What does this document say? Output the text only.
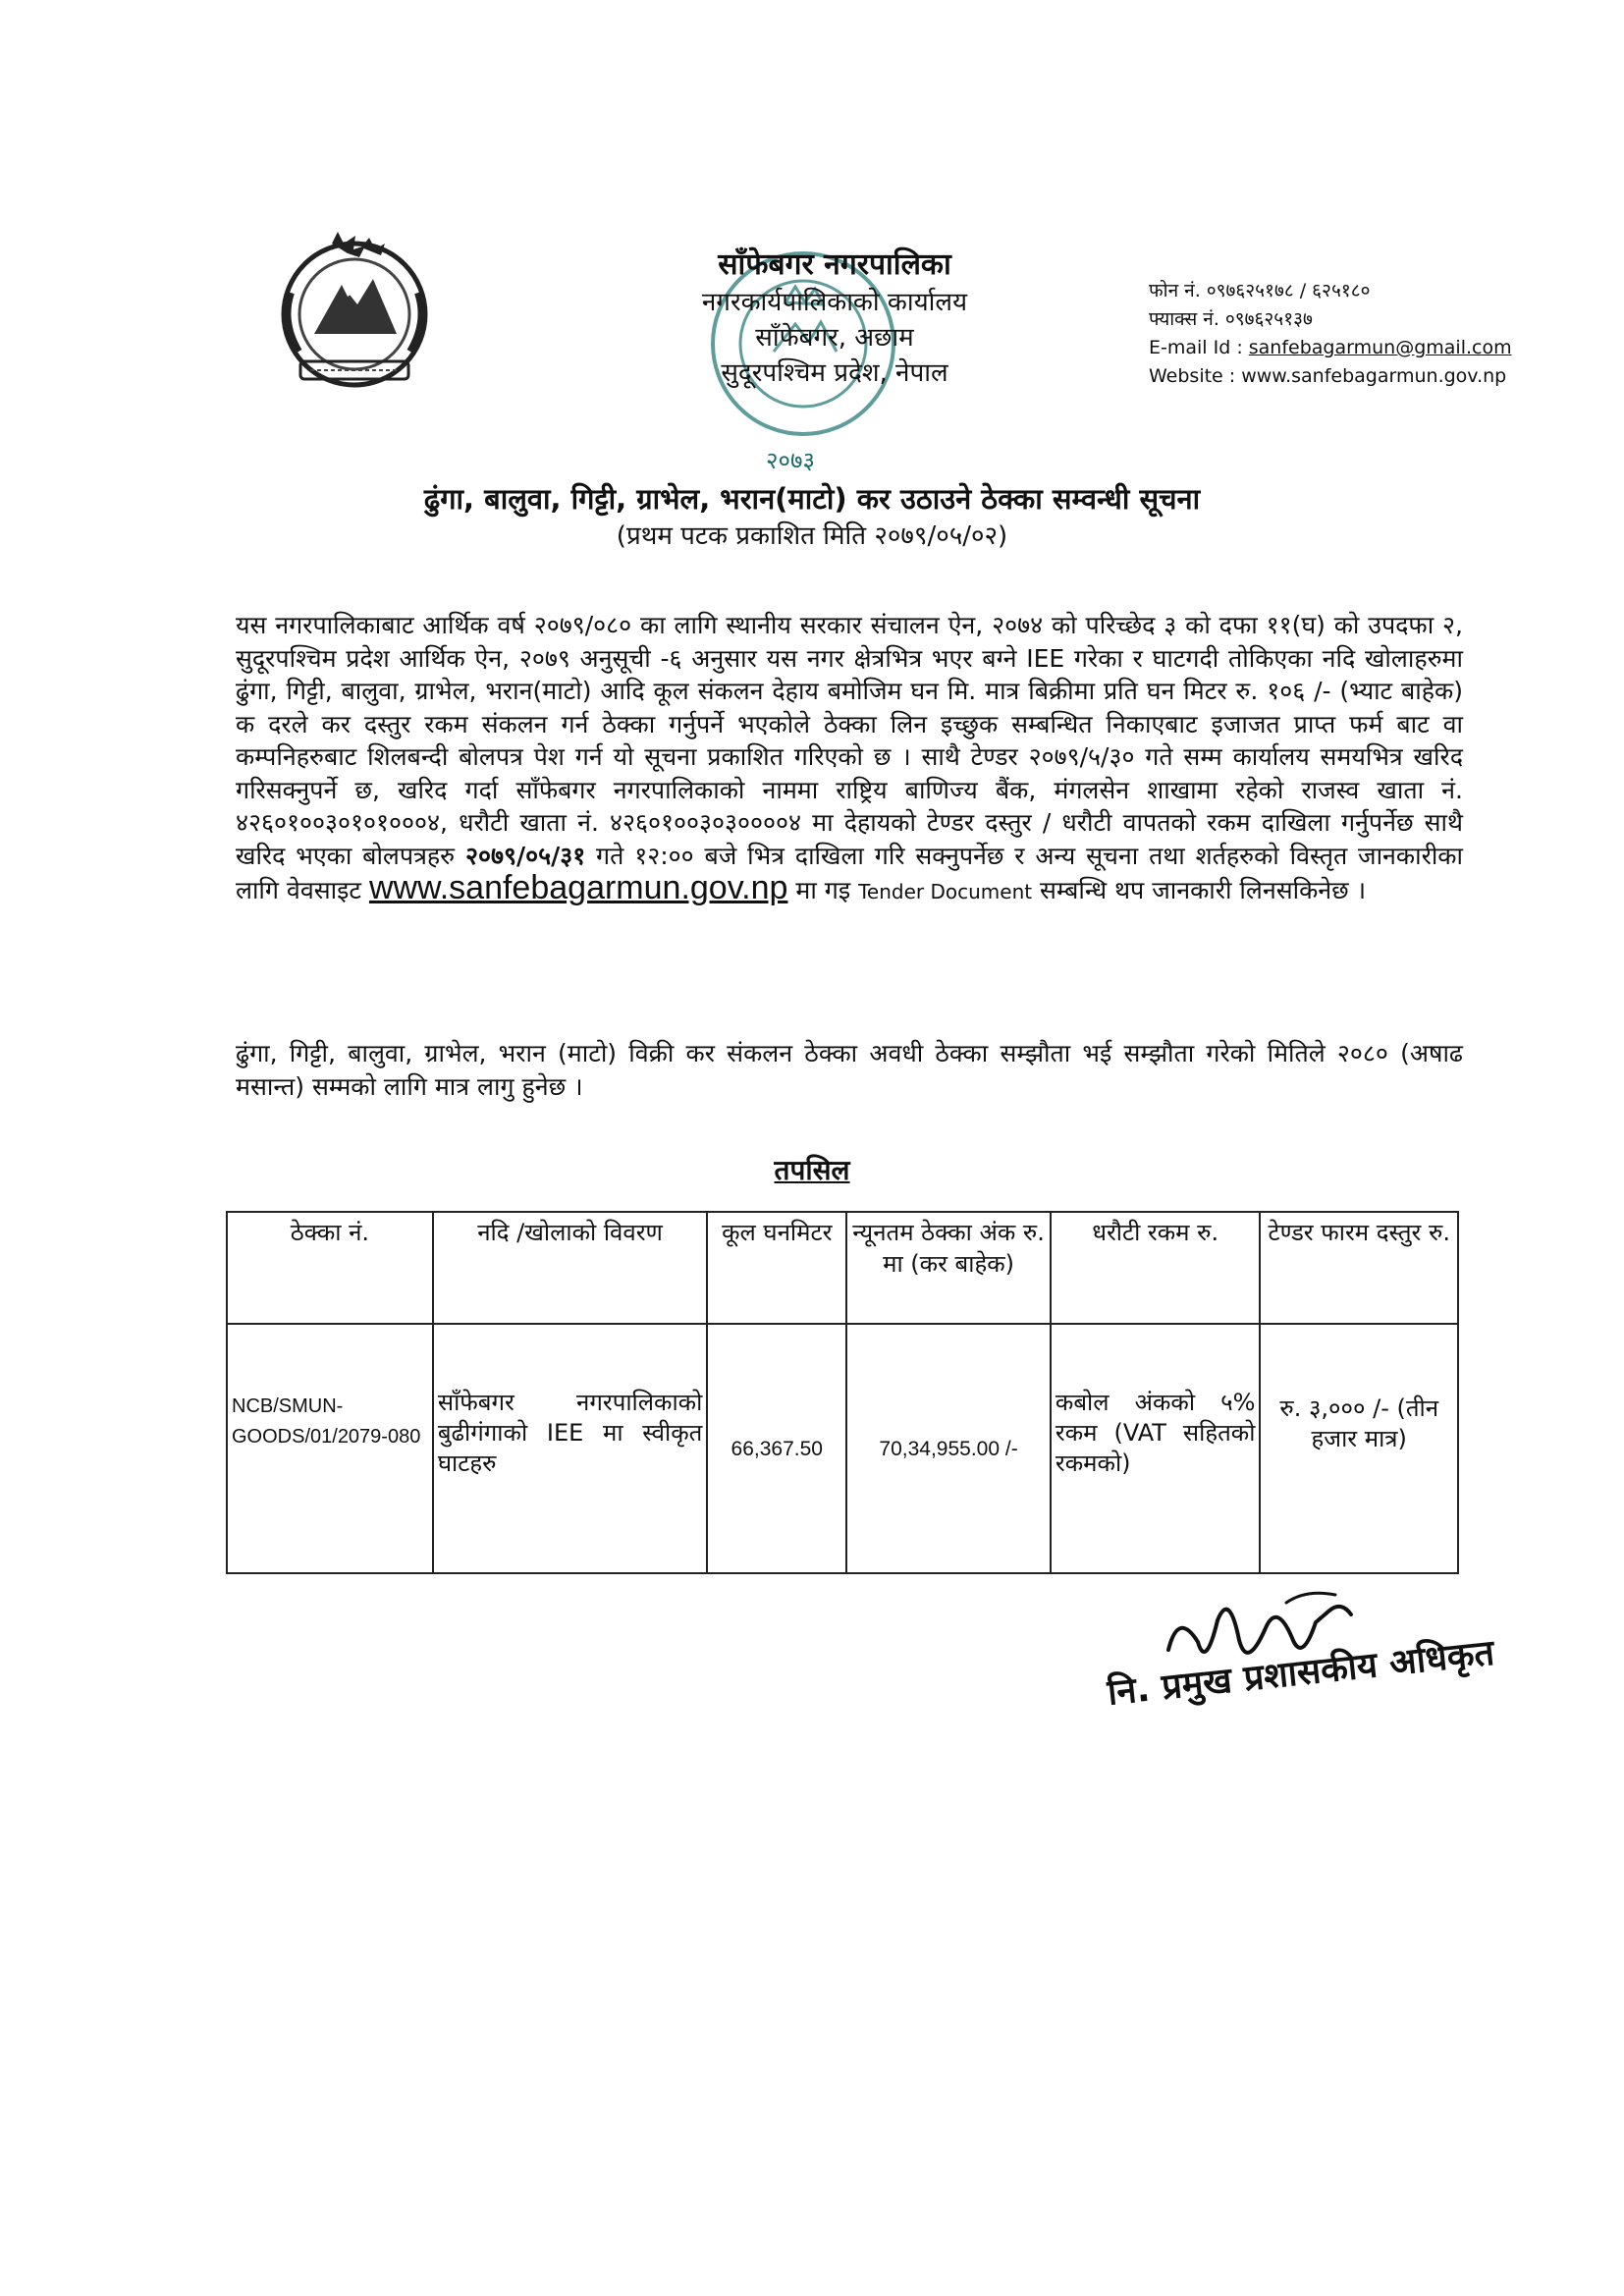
२०७३
साँफेबगर नगरपालिका
नगरकार्यपालिकाको कार्यालय
साँफेबगर, अछाम
सुदूरपश्चिम प्रदेश, नेपाल
फोन नं. ०९७६२५१७८ / ६२५१८०
फ्याक्स नं. ०९७६२५१३७
E-mail Id : sanfebagarmun@gmail.com
Website : www.sanfebagarmun.gov.np
ढुंगा, बालुवा, गिट्टी, ग्राभेल, भरान(माटो) कर उठाउने ठेक्का सम्वन्धी सूचना
(प्रथम पटक प्रकाशित मिति २०७९/०५/०२)
यस नगरपालिकाबाट आर्थिक वर्ष २०७९/०८० का लागि स्थानीय सरकार संचालन ऐन, २०७४ को परिच्छेद ३ को दफा ११(घ) को उपदफा २, सुदूरपश्चिम प्रदेश आर्थिक ऐन, २०७९ अनुसूची -६ अनुसार यस नगर क्षेत्रभित्र भएर बग्ने IEE गरेका र घाटगदी तोकिएका नदि खोलाहरुमा ढुंगा, गिट्टी, बालुवा, ग्राभेल, भरान(माटो) आदि कूल संकलन देहाय बमोजिम घन मि. मात्र बिक्रीमा प्रति घन मिटर रु. १०६ /- (भ्याट बाहेक) क दरले कर दस्तुर रकम संकलन गर्न ठेक्का गर्नुपर्ने भएकोले ठेक्का लिन इच्छुक सम्बन्धित निकाएबाट इजाजत प्राप्त फर्म बाट वा कम्पनिहरुबाट शिलबन्दी बोलपत्र पेश गर्न यो सूचना प्रकाशित गरिएको छ । साथै टेण्डर २०७९/५/३० गते सम्म कार्यालय समयभित्र खरिद गरिसक्नुपर्ने छ, खरिद गर्दा साँफेबगर नगरपालिकाको नाममा राष्ट्रिय बाणिज्य बैंक, मंगलसेन शाखामा रहेको राजस्व खाता नं. ४२६०१००३०१०१०००४, धरौटी खाता नं. ४२६०१००३०३००००४ मा देहायको टेण्डर दस्तुर / धरौटी वापतको रकम दाखिला गर्नुपर्नेछ साथै खरिद भएका बोलपत्रहरु २०७९/०५/३१ गते १२:०० बजे भित्र दाखिला गरि सक्नुपर्नेछ र अन्य सूचना तथा शर्तहरुको विस्तृत जानकारीका लागि वेवसाइट www.sanfebagarmun.gov.np मा गइ Tender Document सम्बन्धि थप जानकारी लिनसकिनेछ ।
ढुंगा, गिट्टी, बालुवा, ग्राभेल, भरान (माटो) विक्री कर संकलन ठेक्का अवधी ठेक्का सम्झौता भई सम्झौता गरेको मितिले २०८० (अषाढ मसान्त) सम्मको लागि मात्र लागु हुनेछ ।
तपसिल
ठेक्का नं.	नदि /खोलाको विवरण	कूल घनमिटर	न्यूनतम ठेक्का अंक रु. मा (कर बाहेक)	धरौटी रकम रु.	टेण्डर फारम दस्तुर रु.
NCB/SMUN-GOODS/01/2079-080	साँफेबगर नगरपालिकाको बुढीगंगाको IEE मा स्वीकृत घाटहरु	66,367.50	70,34,955.00 /-	कबोल अंकको ५% रकम (VAT सहितको रकमको)	रु. ३,००० /- (तीन हजार मात्र)
नि. प्रमुख प्रशासकीय अधिकृत
